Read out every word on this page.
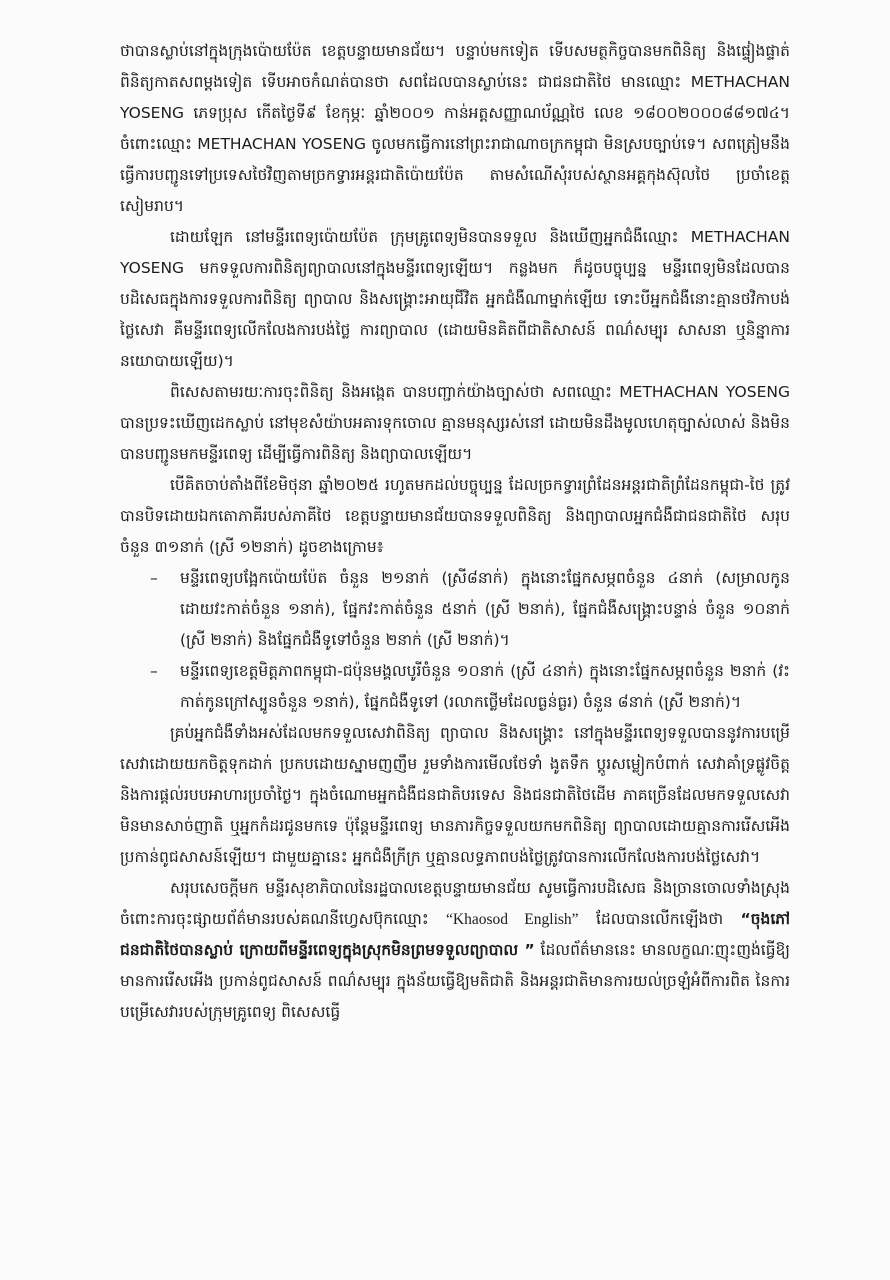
ថាបានស្លាប់នៅក្នុងក្រុងប៉ោយប៉ែត ខេត្តបន្ទាយមានជ័យ។ បន្ទាប់មកទៀត ទើបសមត្ថកិច្ចបានមកពិនិត្យ និងផ្ទៀងផ្ទាត់ ពិនិត្យកាតសពម្ដងទៀត ទើបអាចកំណត់បានថា សពដែលបានស្លាប់នេះ ជាជនជាតិថៃ មានឈ្មោះ METHACHAN YOSENG ភេទប្រុស កើតថ្ងៃទី៩ ខែកុម្ភៈ ឆ្នាំ២០០១ កាន់អត្តសញ្ញាណប័ណ្ណថៃ លេខ ១៨០០២០០០៨៨១៧៤។ ចំពោះឈ្មោះ METHACHAN YOSENG ចូលមកធ្វើការនៅព្រះរាជាណាចក្រកម្ពុជា មិនស្របច្បាប់ទេ។ សពត្រៀមនឹងធ្វើការបញ្ជូនទៅប្រទេសថៃវិញតាមច្រកទ្វារអន្តរជាតិប៉ោយប៉ែត តាមសំណើសុំរបស់ស្ថានអគ្គកុងស៊ុលថៃ ប្រចាំខេត្តសៀមរាប។

ដោយឡែក នៅមន្ទីរពេទ្យប៉ោយប៉ែត ក្រុមគ្រូពេទ្យមិនបានទទួល និងឃើញអ្នកជំងឺឈ្មោះ METHACHAN YOSENG មកទទួលការពិនិត្យព្យាបាលនៅក្នុងមន្ទីរពេទ្យឡើយ។ កន្លងមក ក៏ដូចបច្ចុប្បន្ន មន្ទីរពេទ្យមិនដែលបានបដិសេធក្នុងការទទួលការពិនិត្យ ព្យាបាល និងសង្គ្រោះអាយុជីវិត អ្នកជំងឺណាម្នាក់ឡើយ ទោះបីអ្នកជំងឺនោះគ្មានថវិកាបង់ថ្លៃសេវា គឺមន្ទីរពេទ្យលើកលែងការបង់ថ្លៃ ការព្យាបាល (ដោយមិនគិតពីជាតិសាសន៍ ពណ៌សម្បុរ សាសនា ឬនិន្នាការនយោបាយឡើយ)។

ពិសេសតាមរយៈការចុះពិនិត្យ និងអង្កេត បានបញ្ជាក់យ៉ាងច្បាស់ថា សពឈ្មោះ METHACHAN YOSENG បានប្រទះឃើញដេកស្លាប់ នៅមុខសំយ៉ាបអគារទុកចោល គ្មានមនុស្សរស់នៅ ដោយមិនដឹងមូលហេតុច្បាស់លាស់ និងមិនបានបញ្ជូនមកមន្ទីរពេទ្យ ដើម្បីធ្វើការពិនិត្យ និងព្យាបាលឡើយ។

បើគិតចាប់តាំងពីខែមិថុនា ឆ្នាំ២០២៥ រហូតមកដល់បច្ចុប្បន្ន ដែលច្រកទ្វារព្រំដែនអន្តរជាតិព្រំដែនកម្ពុជា-ថៃ ត្រូវបានបិទដោយឯកតោភាគីរបស់ភាគីថៃ ខេត្តបន្ទាយមានជ័យបានទទួលពិនិត្យ និងព្យាបាលអ្នកជំងឺជាជនជាតិថៃ សរុបចំនួន ៣១នាក់ (ស្រី ១២នាក់) ដូចខាងក្រោម៖

– មន្ទីរពេទ្យបង្អែកប៉ោយប៉ែត ចំនួន ២១នាក់ (ស្រី៨នាក់) ក្នុងនោះផ្នែកសម្ភពចំនួន ៤នាក់ (សម្រាលកូនដោយវះកាត់ចំនួន ១នាក់), ផ្នែកវះកាត់ចំនួន ៥នាក់ (ស្រី ២នាក់), ផ្នែកជំងឺសង្គ្រោះបន្ទាន់ ចំនួន ១០នាក់ (ស្រី ២នាក់) និងផ្នែកជំងឺទូទៅចំនួន ២នាក់ (ស្រី ២នាក់)។
– មន្ទីរពេទ្យខេត្តមិត្តភាពកម្ពុជា-ជប៉ុនមង្គលបូរីចំនួន ១០នាក់ (ស្រី ៤នាក់) ក្នុងនោះផ្នែកសម្ភពចំនួន ២នាក់ (វះកាត់កូនក្រៅស្បូនចំនួន ១នាក់), ផ្នែកជំងឺទូទៅ (រលាកថ្លើមដែលធ្ងន់ធ្ងរ) ចំនួន ៨នាក់ (ស្រី ២នាក់)។

គ្រប់អ្នកជំងឺទាំងអស់ដែលមកទទួលសេវាពិនិត្យ ព្យាបាល និងសង្គ្រោះ នៅក្នុងមន្ទីរពេទ្យទទួលបាននូវការបម្រើសេវាដោយយកចិត្តទុកដាក់ ប្រកបដោយស្នាមញញឹម រួមទាំងការមើលថែទាំ ងូតទឹក ប្តូរសម្លៀកបំពាក់ សេវាគាំទ្រផ្លូវចិត្ត និងការផ្តល់របបអាហារប្រចាំថ្ងៃ។ ក្នុងចំណោមអ្នកជំងឺជនជាតិបរទេស និងជនជាតិថៃដើម ភាគច្រើនដែលមកទទួលសេវា មិនមានសាច់ញាតិ ឬអ្នកកំដរជូនមកទេ ប៉ុន្តែមន្ទីរពេទ្យ មានភារកិច្ចទទួលយកមកពិនិត្យ ព្យាបាលដោយគ្មានការរើសអើង ប្រកាន់ពូជសាសន៍ឡើយ។ ជាមួយគ្នានេះ អ្នកជំងឺក្រីក្រ ឬគ្មានលទ្ធភាពបង់ថ្លៃត្រូវបានការលើកលែងការបង់ថ្លៃសេវា។

សរុបសេចក្តីមក មន្ទីរសុខាភិបាលនៃរដ្ឋបាលខេត្តបន្ទាយមានជ័យ សូមធ្វើការបដិសេធ និងច្រានចោលទាំងស្រុងចំពោះការចុះផ្សាយព័ត៌មានរបស់គណនីហ្វេសប៊ុកឈ្មោះ “Khaosod English” ដែលបានលើកឡើងថា “ចុងភៅជនជាតិថៃបានស្លាប់ ក្រោយពីមន្ទីរពេទ្យក្នុងស្រុកមិនព្រមទទួលព្យាបាល ” ដែលព័ត៌មាននេះ មានលក្ខណៈញុះញង់ធ្វើឱ្យមានការរើសអើង ប្រកាន់ពូជសាសន៍ ពណ៌សម្បុរ ក្នុងន័យធ្វើឱ្យមតិជាតិ និងអន្តរជាតិមានការយល់ច្រឡំអំពីការពិត នៃការបម្រើសេវារបស់ក្រុមគ្រូពេទ្យ ពិសេសធ្វើ
